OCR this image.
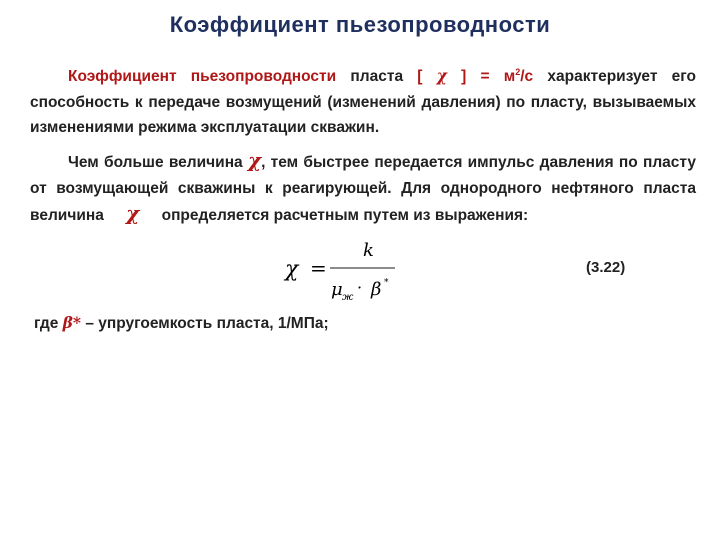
Коэффициент пьезопроводности
Коэффициент пьезопроводности пласта [ χ ] = $м^2/с$ характеризует его способность к передаче возмущений (изменений давления) по пласту, вызываемых изменениями режима эксплуатации скважин.
Чем больше величина χ, тем быстрее передается импульс давления по пласту от возмущающей скважины к реагирующей. Для однородного нефтяного пласта величина χ определяется расчетным путем из выражения:
χ =
k
μ ж
· β *
(3.22)
где β* – упругоемкость пласта, 1/МПа;
